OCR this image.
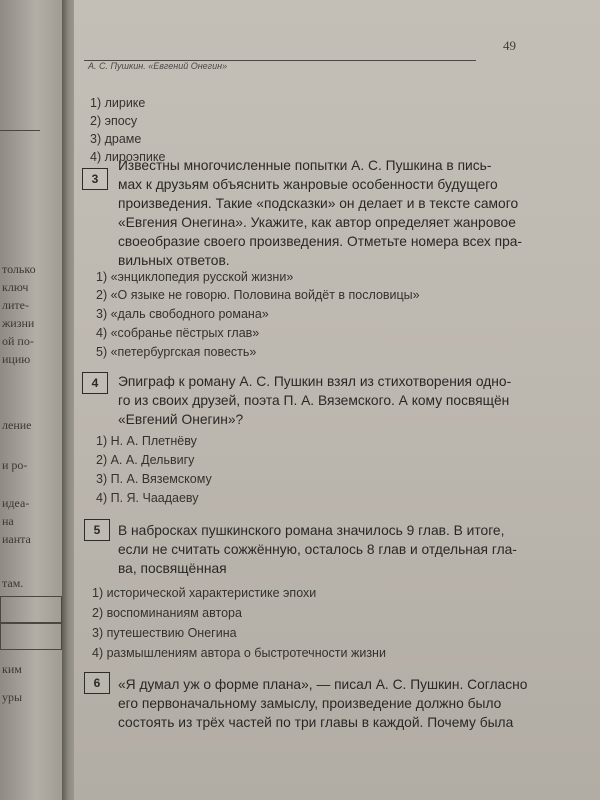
только
ключ
лите-
жизни
ой по-
ицию
ление
и ро-
идеа-
на
ианта
там.
ким
уры
49
А. С. Пушкин. «Евгений Онегин»
1) лирике
2) эпосу
3) драме
4) лироэпике
3
Известны многочисленные попытки А. С. Пушкина в пись-
мах к друзьям объяснить жанровые особенности будущего
произведения. Такие «подсказки» он делает и в тексте самого
«Евгения Онегина». Укажите, как автор определяет жанровое
своеобразие своего произведения. Отметьте номера всех пра-
вильных ответов.
1) «энциклопедия русской жизни»
2) «О языке не говорю. Половина войдёт в пословицы»
3) «даль свободного романа»
4) «собранье пёстрых глав»
5) «петербургская повесть»
4	Эпиграф к роману А. С. Пушкин взял из стихотворения одно-
го из своих друзей, поэта П. А. Вяземского. А кому посвящён
«Евгений Онегин»?
1) Н. А. Плетнёву
2) А. А. Дельвигу
3) П. А. Вяземскому
4) П. Я. Чаадаеву
5	В набросках пушкинского романа значилось 9 глав. В итоге,
если не считать сожжённую, осталось 8 глав и отдельная гла-
ва, посвящённая
1) исторической характеристике эпохи
2) воспоминаниям автора
3) путешествию Онегина
4) размышлениям автора о быстротечности жизни
6	«Я думал уж о форме плана», — писал А. С. Пушкин. Согласно
его первоначальному замыслу, произведение должно было
состоять из трёх частей по три главы в каждой. Почему была
